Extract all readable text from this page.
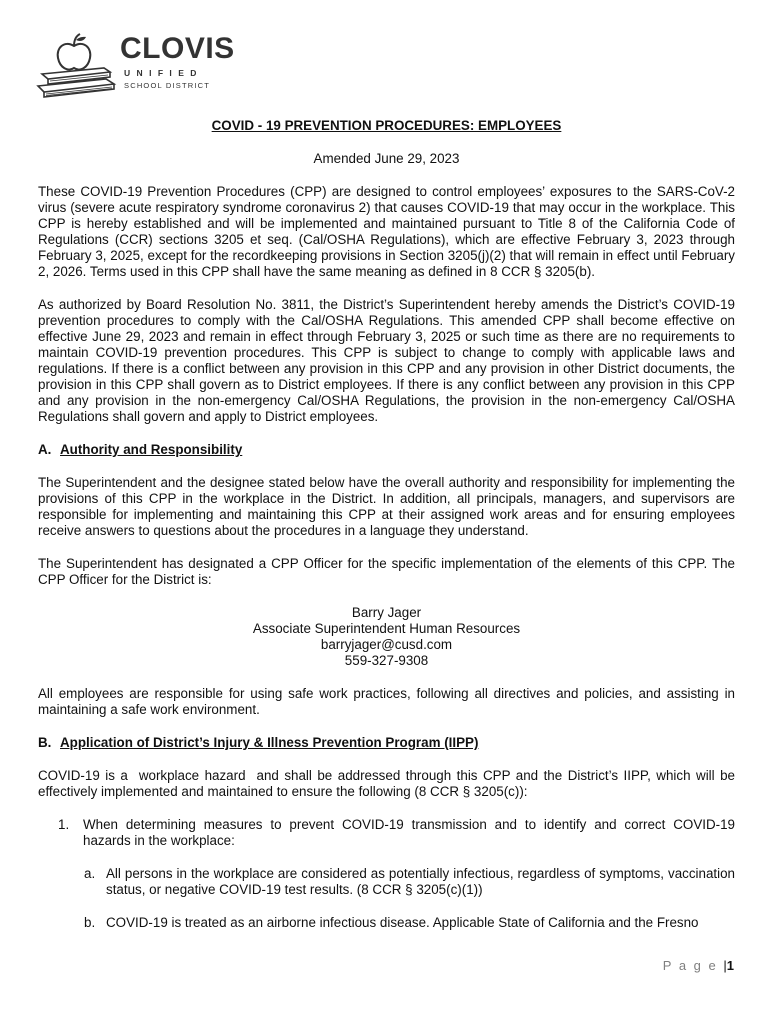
CLOVIS
UNIFIED
SCHOOL DISTRICT
COVID - 19 PREVENTION PROCEDURES: EMPLOYEES
Amended June 29, 2023

These COVID-19 Prevention Procedures (CPP) are designed to control employees’ exposures to the SARS-CoV-2 virus (severe acute respiratory syndrome coronavirus 2) that causes COVID-19 that may occur in the workplace. This CPP is hereby established and will be implemented and maintained pursuant to Title 8 of the California Code of Regulations (CCR) sections 3205 et seq. (Cal/OSHA Regulations), which are effective February 3, 2023 through February 3, 2025, except for the recordkeeping provisions in Section 3205(j)(2) that will remain in effect until February 2, 2026. Terms used in this CPP shall have the same meaning as defined in 8 CCR § 3205(b).

As authorized by Board Resolution No. 3811, the District’s Superintendent hereby amends the District’s COVID-19 prevention procedures to comply with the Cal/OSHA Regulations. This amended CPP shall become effective on effective June 29, 2023 and remain in effect through February 3, 2025 or such time as there are no requirements to maintain COVID-19 prevention procedures. This CPP is subject to change to comply with applicable laws and regulations. If there is a conflict between any provision in this CPP and any provision in other District documents, the provision in this CPP shall govern as to District employees. If there is any conflict between any provision in this CPP and any provision in the non-emergency Cal/OSHA Regulations, the provision in the non-emergency Cal/OSHA Regulations shall govern and apply to District employees.

A. Authority and Responsibility

The Superintendent and the designee stated below have the overall authority and responsibility for implementing the provisions of this CPP in the workplace in the District. In addition, all principals, managers, and supervisors are responsible for implementing and maintaining this CPP at their assigned work areas and for ensuring employees receive answers to questions about the procedures in a language they understand.

The Superintendent has designated a CPP Officer for the specific implementation of the elements of this CPP. The CPP Officer for the District is:

Barry Jager
Associate Superintendent Human Resources
barryjager@cusd.com
559-327-9308

All employees are responsible for using safe work practices, following all directives and policies, and assisting in maintaining a safe work environment.

B. Application of District’s Injury & Illness Prevention Program (IIPP)

COVID-19 is a  workplace hazard  and shall be addressed through this CPP and the District’s IIPP, which will be effectively implemented and maintained to ensure the following (8 CCR § 3205(c)):

1.	When determining measures to prevent COVID-19 transmission and to identify and correct COVID-19 hazards in the workplace:
a. All persons in the workplace are considered as potentially infectious, regardless of symptoms, vaccination status, or negative COVID-19 test results. (8 CCR § 3205(c)(1))
b. COVID-19 is treated as an airborne infectious disease. Applicable State of California and the Fresno
P a g e |1
